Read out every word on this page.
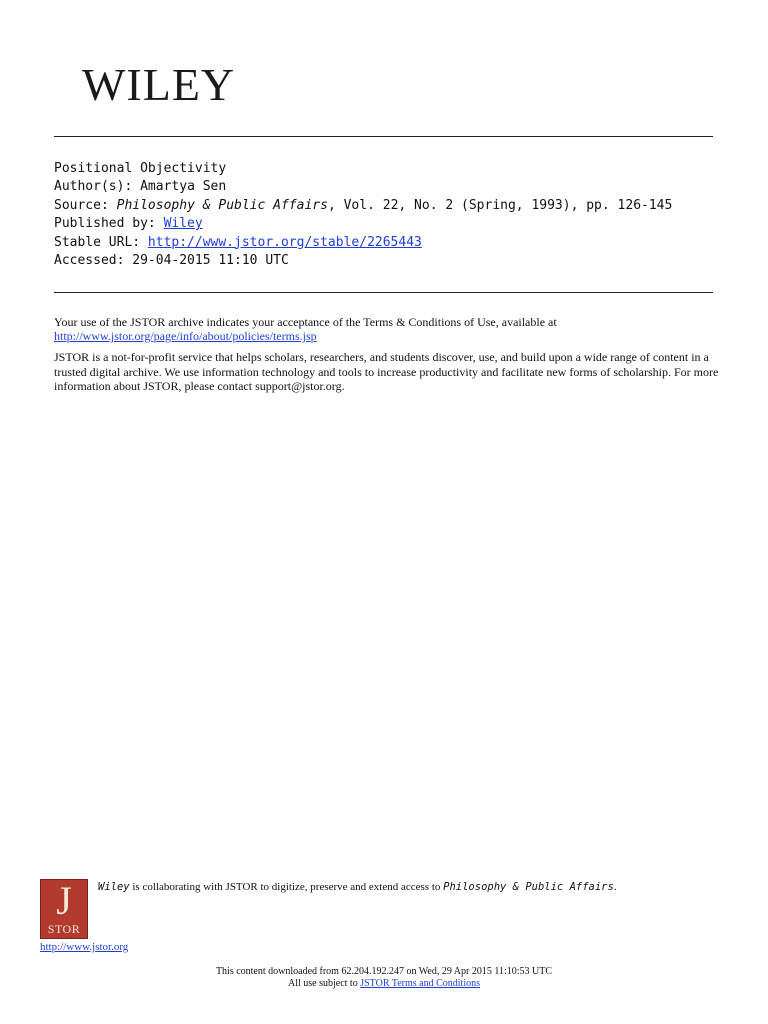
WILEY
Positional Objectivity
Author(s): Amartya Sen
Source: Philosophy & Public Affairs, Vol. 22, No. 2 (Spring, 1993), pp. 126-145
Published by: Wiley
Stable URL: http://www.jstor.org/stable/2265443
Accessed: 29-04-2015 11:10 UTC

Your use of the JSTOR archive indicates your acceptance of the Terms & Conditions of Use, available at
http://www.jstor.org/page/info/about/policies/terms.jsp

JSTOR is a not-for-profit service that helps scholars, researchers, and students discover, use, and build upon a wide range of content in a trusted digital archive. We use information technology and tools to increase productivity and facilitate new forms of scholarship. For more information about JSTOR, please contact support@jstor.org.

J
STOR
Wiley is collaborating with JSTOR to digitize, preserve and extend access to Philosophy & Public Affairs.
http://www.jstor.org
This content downloaded from 62.204.192.247 on Wed, 29 Apr 2015 11:10:53 UTC
All use subject to JSTOR Terms and Conditions
